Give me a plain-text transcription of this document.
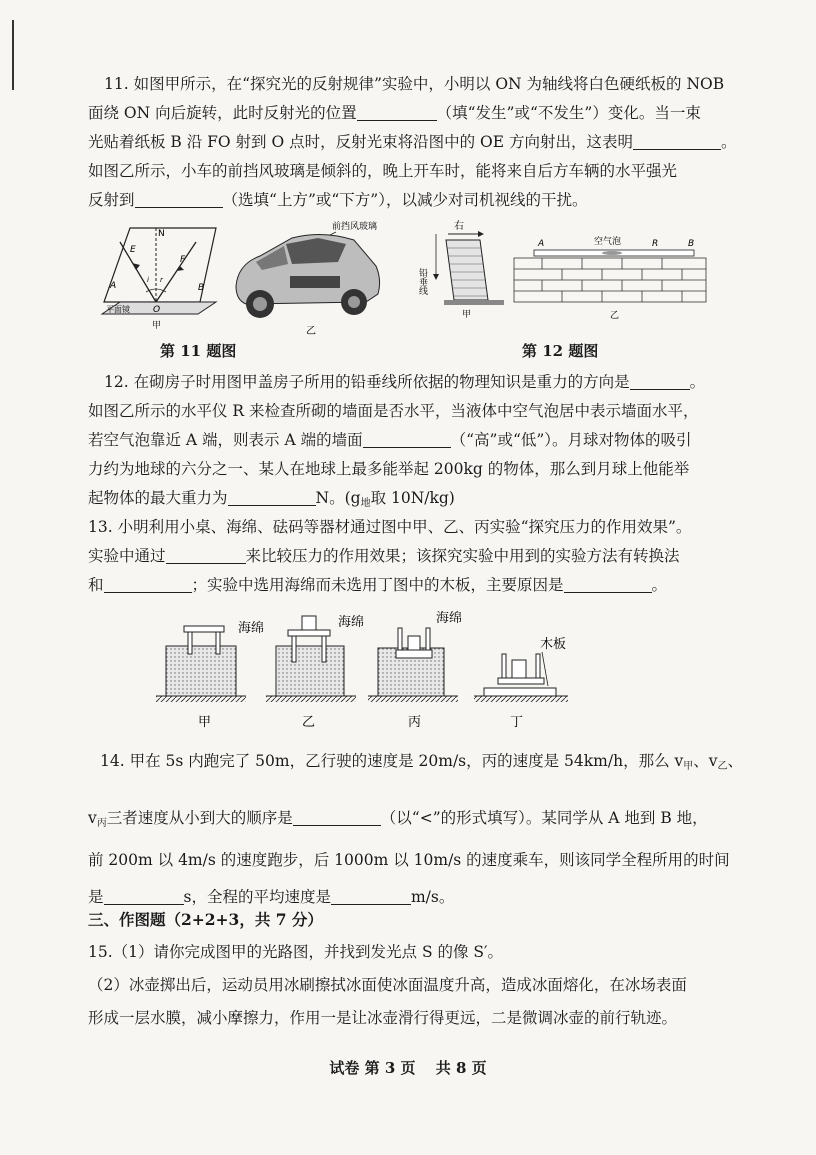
11. 如图甲所示，在“探究光的反射规律”实验中，小明以 ON 为轴线将白色硬纸板的 NOB
面绕 ON 向后旋转，此时反射光的位置	（填“发生”或“不发生”）变化。当一束
光贴着纸板 B 沿 FO 射到 O 点时，反射光束将沿图中的 OE 方向射出，这表明	。
如图乙所示，小车的前挡风玻璃是倾斜的，晚上开车时，能将来自后方车辆的水平强光
反射到	（选填“上方”或“下方”），以减少对司机视线的干扰。
N
E
F
A	B
O
i r
平面镜
甲
前挡风玻璃
乙
第 11 题图
右
铅垂线
甲
A	空气泡	R	B
乙
第 12 题图
12. 在砌房子时用图甲盖房子所用的铅垂线所依据的物理知识是重力的方向是	。
如图乙所示的水平仪 R 来检查所砌的墙面是否水平，当液体中空气泡居中表示墙面水平，
若空气泡靠近 A 端，则表示 A 端的墙面	（“高”或“低”）。月球对物体的吸引
力约为地球的六分之一、某人在地球上最多能举起 200kg 的物体，那么到月球上他能举
起物体的最大重力为	N。($g_地$取 10N/kg)
13. 小明利用小桌、海绵、砝码等器材通过图中甲、乙、丙实验“探究压力的作用效果”。
实验中通过	来比较压力的作用效果；该探究实验中用到的实验方法有转换法
和	；实验中选用海绵而未选用丁图中的木板，主要原因是	。
海绵
甲
海绵
乙
海绵
丙
木板
丁
14. 甲在 5s 内跑完了 50m，乙行驶的速度是 20m/s，丙的速度是 54km/h，那么 $v_甲$、$v_乙$、
$v_丙$三者速度从小到大的顺序是	（以“<”的形式填写）。某同学从 A 地到 B 地，
前 200m 以 4m/s 的速度跑步，后 1000m 以 10m/s 的速度乘车，则该同学全程所用的时间
是	s，全程的平均速度是	m/s。
三、作图题（2+2+3，共 7 分）
15.（1）请你完成图甲的光路图，并找到发光点 S 的像 S′。
（2）冰壶掷出后，运动员用冰刷擦拭冰面使冰面温度升高，造成冰面熔化，在冰场表面
形成一层水膜，减小摩擦力，作用一是让冰壶滑行得更远，二是微调冰壶的前行轨迹。
试卷 第 3 页　 共 8 页
